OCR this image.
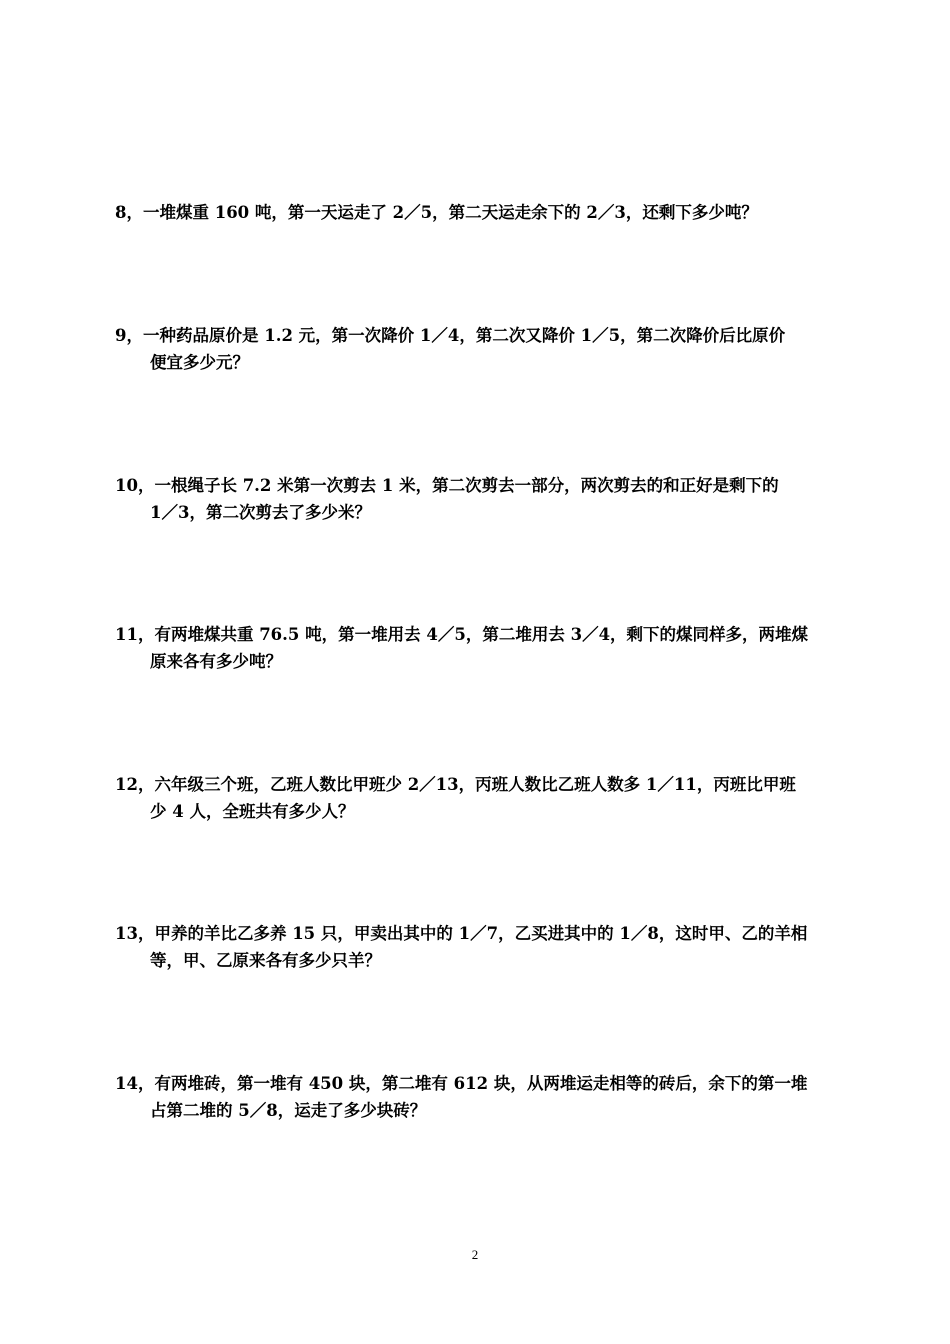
8，一堆煤重 160 吨，第一天运走了 2／5，第二天运走余下的 2／3，还剩下多少吨？
9，一种药品原价是 1.2 元，第一次降价 1／4，第二次又降价 1／5，第二次降价后比原价
便宜多少元？
10，一根绳子长 7.2 米第一次剪去 1 米，第二次剪去一部分，两次剪去的和正好是剩下的
1／3，第二次剪去了多少米？
11，有两堆煤共重 76.5 吨，第一堆用去 4／5，第二堆用去 3／4，剩下的煤同样多，两堆煤
原来各有多少吨？
12，六年级三个班，乙班人数比甲班少 2／13，丙班人数比乙班人数多 1／11，丙班比甲班
少 4 人，全班共有多少人？
13，甲养的羊比乙多养 15 只，甲卖出其中的 1／7，乙买进其中的 1／8，这时甲、乙的羊相
等，甲、乙原来各有多少只羊？
14，有两堆砖，第一堆有 450 块，第二堆有 612 块，从两堆运走相等的砖后，余下的第一堆
占第二堆的 5／8，运走了多少块砖？
2
